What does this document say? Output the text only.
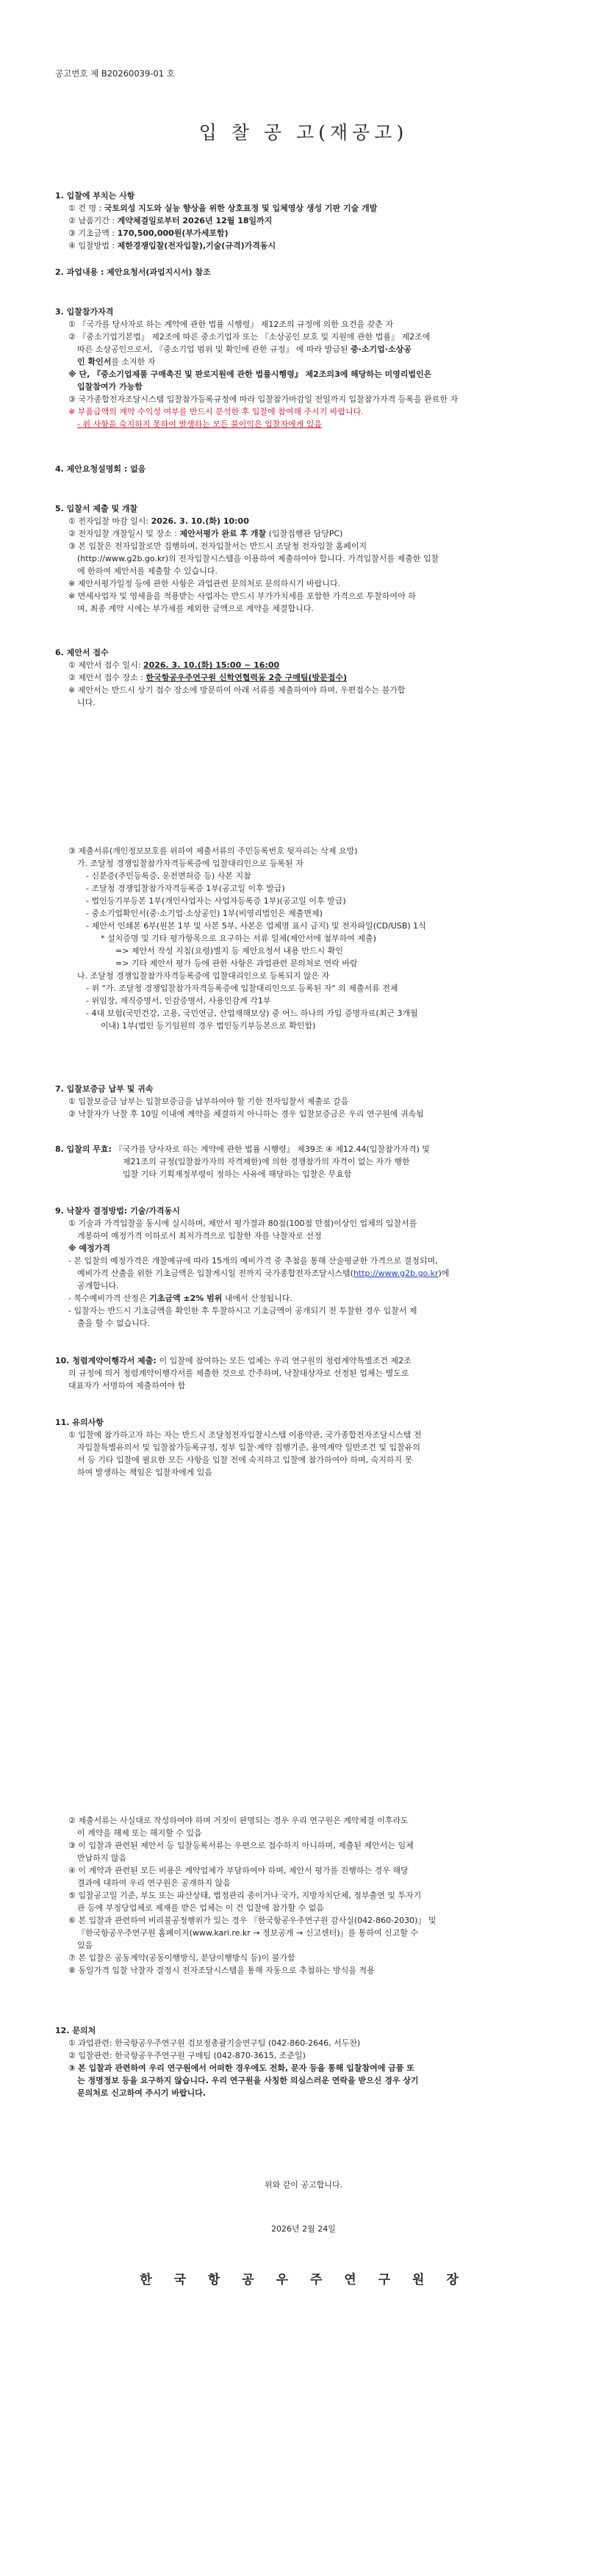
공고번호 제 B20260039-01 호
입 찰 공 고(재공고)
1. 입찰에 부치는 사항
① 건 명 : 국토외성 지도와 실능 향상을 위한 상호표정 및 입체영상 생성 기판 기술 개발
② 납품기간 : 계약체결일로부터 2026년 12월 18일까지
③ 기초금액 : 170,500,000원(부가세포함)
④ 입찰방법 : 제한경쟁입찰(전자입찰),기술(규격)가격동시
2. 과업내용 : 제안요청서(과업지시서) 참조
3. 입찰참가자격
① 『국가를 당사자로 하는 계약에 관한 법률 시행령』 제12조의 규정에 의한 요건을 갖춘 자
② 『중소기업기본법』 제2조에 따른 중소기업자 또는 『소상공인 보호 및 지원에 관한 법률』 제2조에
따른 소상공인으로서, 『중소기업 범위 및 확인에 관한 규정』 에 따라 발급된 중·소기업·소상공
인 확인서를 소지한 자
※ 단, 『중소기업제품 구매촉진 및 판로지원에 관한 법률시행령』 제2조의3에 해당하는 미영리법인은
입찰참여가 가능함
③ 국가종합전자조달시스템 입찰참가등록규정에 따라 입찰참가마감일 전일까지 입찰참가자격 등록을 완료한 자
※ 부품급액의 계약 수익성 여부를 반드시 분석한 후 입찰에 참여해 주시기 바랍니다.
- 위 사항을 숙지하지 못하여 발생하는 모든 불이익은 입찰자에게 있음
4. 제안요청설명회 : 없음
5. 입찰서 제출 및 개찰
① 전자입찰 마감 일시: 2026. 3. 10.(화) 10:00
② 전자입찰 개찰일시 및 장소 : 제안서평가 완료 후 개찰 (입찰집행관 담당PC)
③ 본 입찰은 전자입찰로만 집행하며, 전자입찰서는 반드시 조달청 전자입찰 홈페이지
(http://www.g2b.go.kr)의 전자입찰시스템을 이용하여 제출하여야 합니다. 가격입찰서를 제출한 입찰
에 한하여 제안서를 제출할 수 있습니다.
※ 제안서평가일정 등에 관한 사항은 과업관련 문의처로 문의하시기 바랍니다.
※ 면세사업자 및 영세율을 적용받는 사업자는 반드시 부가가치세를 포함한 가격으로 투찰하여야 하
며, 최종 계약 시에는 부가세를 제외한 금액으로 계약을 체결합니다.
6. 제안서 접수
① 제안서 접수 일시: 2026. 3. 10.(화) 15:00 ~ 16:00
② 제안서 접수 장소 : 한국항공우주연구원 신학연협력동 2층 구매팀(방문접수)
※ 제안서는 반드시 상기 접수 장소에 방문하여 아래 서류를 제출하여야 하며, 우편접수는 불가합
니다.
③ 제출서류(개인정보보호를 위하여 제출서류의 주민등록번호 뒷자리는 삭제 요망)
가. 조달청 경쟁입찰참가자격등록증에 입찰대리인으로 등록된 자
- 신분증(주민등록증, 운전면허증 등) 사본 지참
- 조달청 경쟁입찰참가자격등록증 1부(공고일 이후 발급)
- 법인등기부등본 1부(개인사업자는 사업자등록증 1부)(공고일 이후 발급)
- 중소기업확인서(중·소기업·소상공인) 1부(비영리법인은 제출면제)
- 제안서 인쇄본 6부(원본 1부 및 사본 5부, 사본은 업체명 표시 금지) 및 전자파일(CD/USB) 1식
* 설치증명 및 기타 평가항목으로 요구하는 서류 일체(제안서에 첨부하여 제출)
=> 제안서 작성 지침(요령)별지 등 제안요청서 내용 반드시 확인
=> 기타 제안서 평가 등에 관한 사항은 과업관련 문의처로 연락 바람
나. 조달청 경쟁입찰참가자격등록증에 입찰대리인으로 등록되지 않은 자
- 위 "가. 조달청 경쟁입찰참가자격등록증에 입찰대리인으로 등록된 자" 의 제출서류 전체
- 위임장, 재직증명서, 인감증명서, 사용인감계 각1부
- 4대 보험(국민건강, 고용, 국민연금, 산업재해보상) 중 어느 하나의 가입 증명자료(최근 3개월
이내) 1부(법인 등기임원의 경우 법인등기부등본으로 확인함)
7. 입찰보증금 납부 및 귀속
① 입찰보증금 납부는 입찰보증금을 납부하여야 할 기한 전자입찰서 제출로 갈음
② 낙찰자가 낙찰 후 10일 이내에 계약을 체결하지 아니하는 경우 입찰보증금은 우리 연구원에 귀속됨
8. 입찰의 무효: 『국가를 당사자로 하는 계약에 관한 법률 시행령』 제39조 ④ 제12.44(입찰참가자격) 및
제21조의 규정(입찰참가자의 자격제한)에 의한 경쟁참가의 자격이 없는 자가 행한
입찰 기타 기획재정부령이 정하는 사유에 해당하는 입찰은 무효함
9. 낙찰자 결정방법: 기술/가격동시
① 기술과 가격입찰을 동시에 실시하며, 제안서 평가결과 80점(100점 만점)이상인 업체의 입찰서를
개봉하여 예정가격 이하로서 최저가격으로 입찰한 자를 낙찰자로 선정
※ 예정가격
- 본 입찰의 예정가격은 개찰예규에 따라 15개의 예비가격 중 추첨을 통해 산술평균한 가격으로 결정되며,
예비가격 산출을 위한 기초금액은 입찰게시일 전까지 국가종합전자조달시스템(http://www.g2b.go.kr)에
공개합니다.
- 복수예비가격 산정은 기초금액 ±2% 범위 내에서 산정됩니다.
- 입찰자는 반드시 기초금액을 확인한 후 투찰하시고 기초금액이 공개되기 전 투찰한 경우 입찰서 제
출을 할 수 없습니다.
10. 청렴계약이행각서 제출: 이 입찰에 참여하는 모든 업체는 우리 연구원의 청렴계약특별조건 제2조
의 규정에 의거 청렴계약이행각서를 제출한 것으로 간주하며, 낙찰대상자로 선정된 업체는 별도로
대표자가 서명하여 제출하여야 함
11. 유의사항
① 입찰에 참가하고자 하는 자는 반드시 조달청전자입찰시스템 이용약관, 국가종합전자조달시스템 전
자입찰특별유의서 및 입찰참가등록규정, 정부 입찰·계약 집행기준, 용역계약 일반조건 및 입찰유의
서 등 기타 입찰에 필요한 모든 사항을 입찰 전에 숙지하고 입찰에 참가하여야 하며, 숙지하지 못
하여 발생하는 책임은 입찰자에게 있음
② 제출서류는 사실대로 작성하여야 하며 거짓이 판명되는 경우 우리 연구원은 계약체결 이후라도
이 계약을 해제 또는 해지할 수 있음
③ 이 입찰과 관련된 제안서 등 입찰등록서류는 우편으로 접수하지 아니하며, 제출된 제안서는 임체
반납하지 않음
④ 이 계약과 관련된 모든 비용은 계약업체가 부담하여야 하며, 제안서 평가를 진행하는 경우 해당
결과에 대하여 우리 연구원은 공개하지 않음
⑤ 입찰공고일 기준, 부도 또는 파산상태, 법정관리 중이거나 국가, 지방자치단체, 정부출연 및 투자기
관 등에 부정당업체로 제재를 받은 업체는 이 건 입찰에 참가할 수 없음
⑥ 본 입찰과 관련하여 비리불공정행위가 있는 경우 『한국항공우주연구원 감사실(042-860-2030)』 및
『한국항공우주연구원 홈페이지(www.kari.re.kr → 정보공개 → 신고센터)』를 통하여 신고할 수
있음
⑦ 본 입찰은 공동계약(공동이행방식, 분담이행방식 등)이 불가함
⑧ 동일가격 입찰 낙찰자 결정시 전자조달시스템을 통해 자동으로 추첨하는 방식을 적용
12. 문의처
① 과업관련: 한국항공우주연구원 검보정총괄기술연구팀 (042-860-2646, 서두찬)
② 입찰관련: 한국항공우주연구원 구매팀 (042-870-3615, 조준일)
③ 본 입찰과 관련하여 우리 연구원에서 어떠한 경우에도 전화, 문자 등을 통해 입찰참여에 금품 또
는 정명정보 등을 요구하지 않습니다. 우리 연구원을 사칭한 의심스러운 연락을 받으신 경우 상기
문의처로 신고하여 주시기 바랍니다.
위와 같이 공고합니다.
2026년 2월 24일
한 국 항 공 우 주 연 구 원 장
